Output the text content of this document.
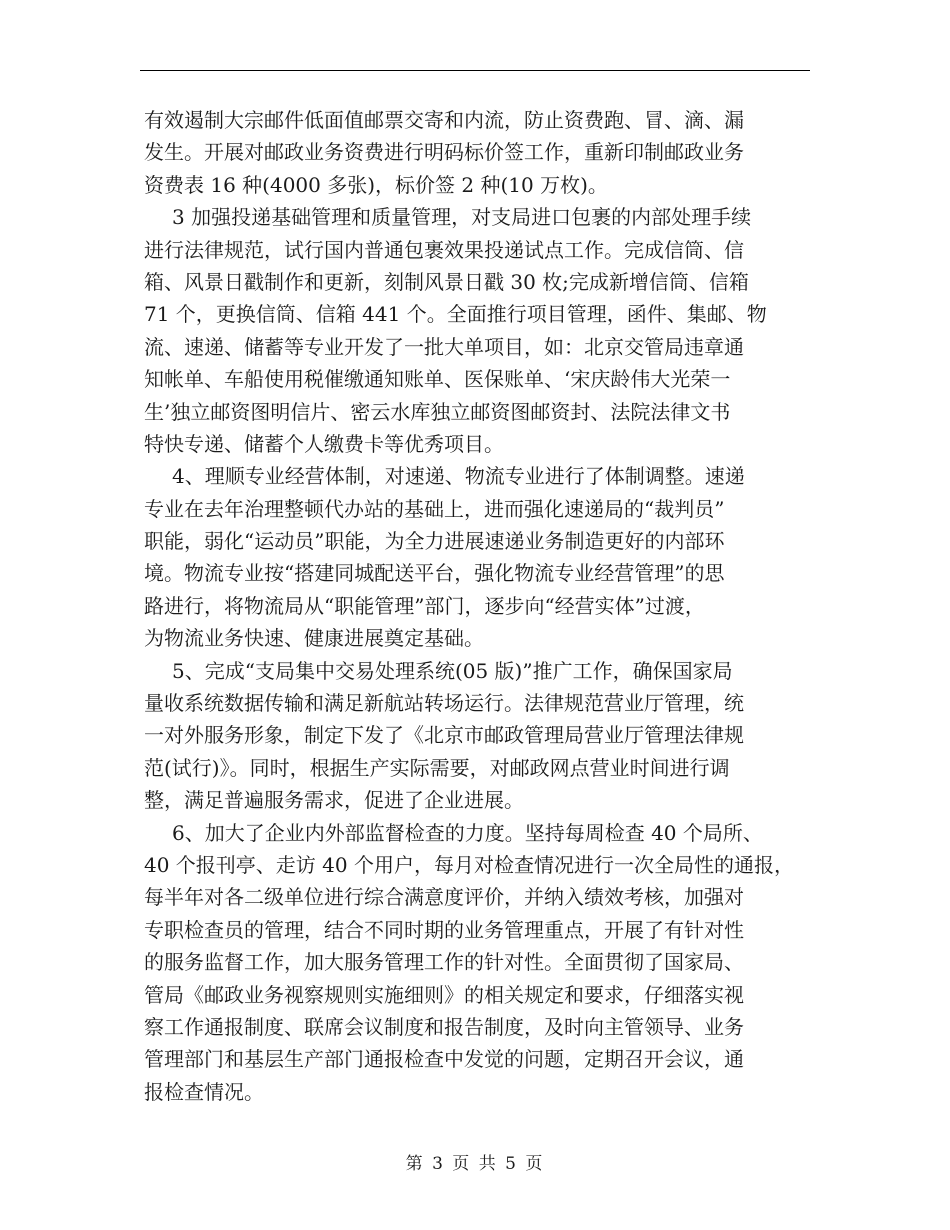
有效遏制大宗邮件低面值邮票交寄和内流，防止资费跑、冒、滴、漏
发生。开展对邮政业务资费进行明码标价签工作，重新印制邮政业务
资费表 16 种(4000 多张)，标价签 2 种(10 万枚)。
3 加强投递基础管理和质量管理，对支局进口包裹的内部处理手续
进行法律规范，试行国内普通包裹效果投递试点工作。完成信筒、信
箱、风景日戳制作和更新，刻制风景日戳 30 枚;完成新增信筒、信箱
71 个，更换信筒、信箱 441 个。全面推行项目管理，函件、集邮、物
流、速递、储蓄等专业开发了一批大单项目，如：北京交管局违章通
知帐单、车船使用税催缴通知账单、医保账单、‘宋庆龄伟大光荣一
生’独立邮资图明信片、密云水库独立邮资图邮资封、法院法律文书
特快专递、储蓄个人缴费卡等优秀项目。
4、理顺专业经营体制，对速递、物流专业进行了体制调整。速递
专业在去年治理整顿代办站的基础上，进而强化速递局的“裁判员”
职能，弱化“运动员”职能，为全力进展速递业务制造更好的内部环
境。物流专业按“搭建同城配送平台，强化物流专业经营管理”的思
路进行，将物流局从“职能管理”部门，逐步向“经营实体”过渡，
为物流业务快速、健康进展奠定基础。
5、完成“支局集中交易处理系统(05 版)”推广工作，确保国家局
量收系统数据传输和满足新航站转场运行。法律规范营业厅管理，统
一对外服务形象，制定下发了《北京市邮政管理局营业厅管理法律规
范(试行)》。同时，根据生产实际需要，对邮政网点营业时间进行调
整，满足普遍服务需求，促进了企业进展。
6、加大了企业内外部监督检查的力度。坚持每周检查 40 个局所、
40 个报刊亭、走访 40 个用户，每月对检查情况进行一次全局性的通报，
每半年对各二级单位进行综合满意度评价，并纳入绩效考核，加强对
专职检查员的管理，结合不同时期的业务管理重点，开展了有针对性
的服务监督工作，加大服务管理工作的针对性。全面贯彻了国家局、
管局《邮政业务视察规则实施细则》的相关规定和要求，仔细落实视
察工作通报制度、联席会议制度和报告制度，及时向主管领导、业务
管理部门和基层生产部门通报检查中发觉的问题，定期召开会议，通
报检查情况。
第 3 页 共 5 页
